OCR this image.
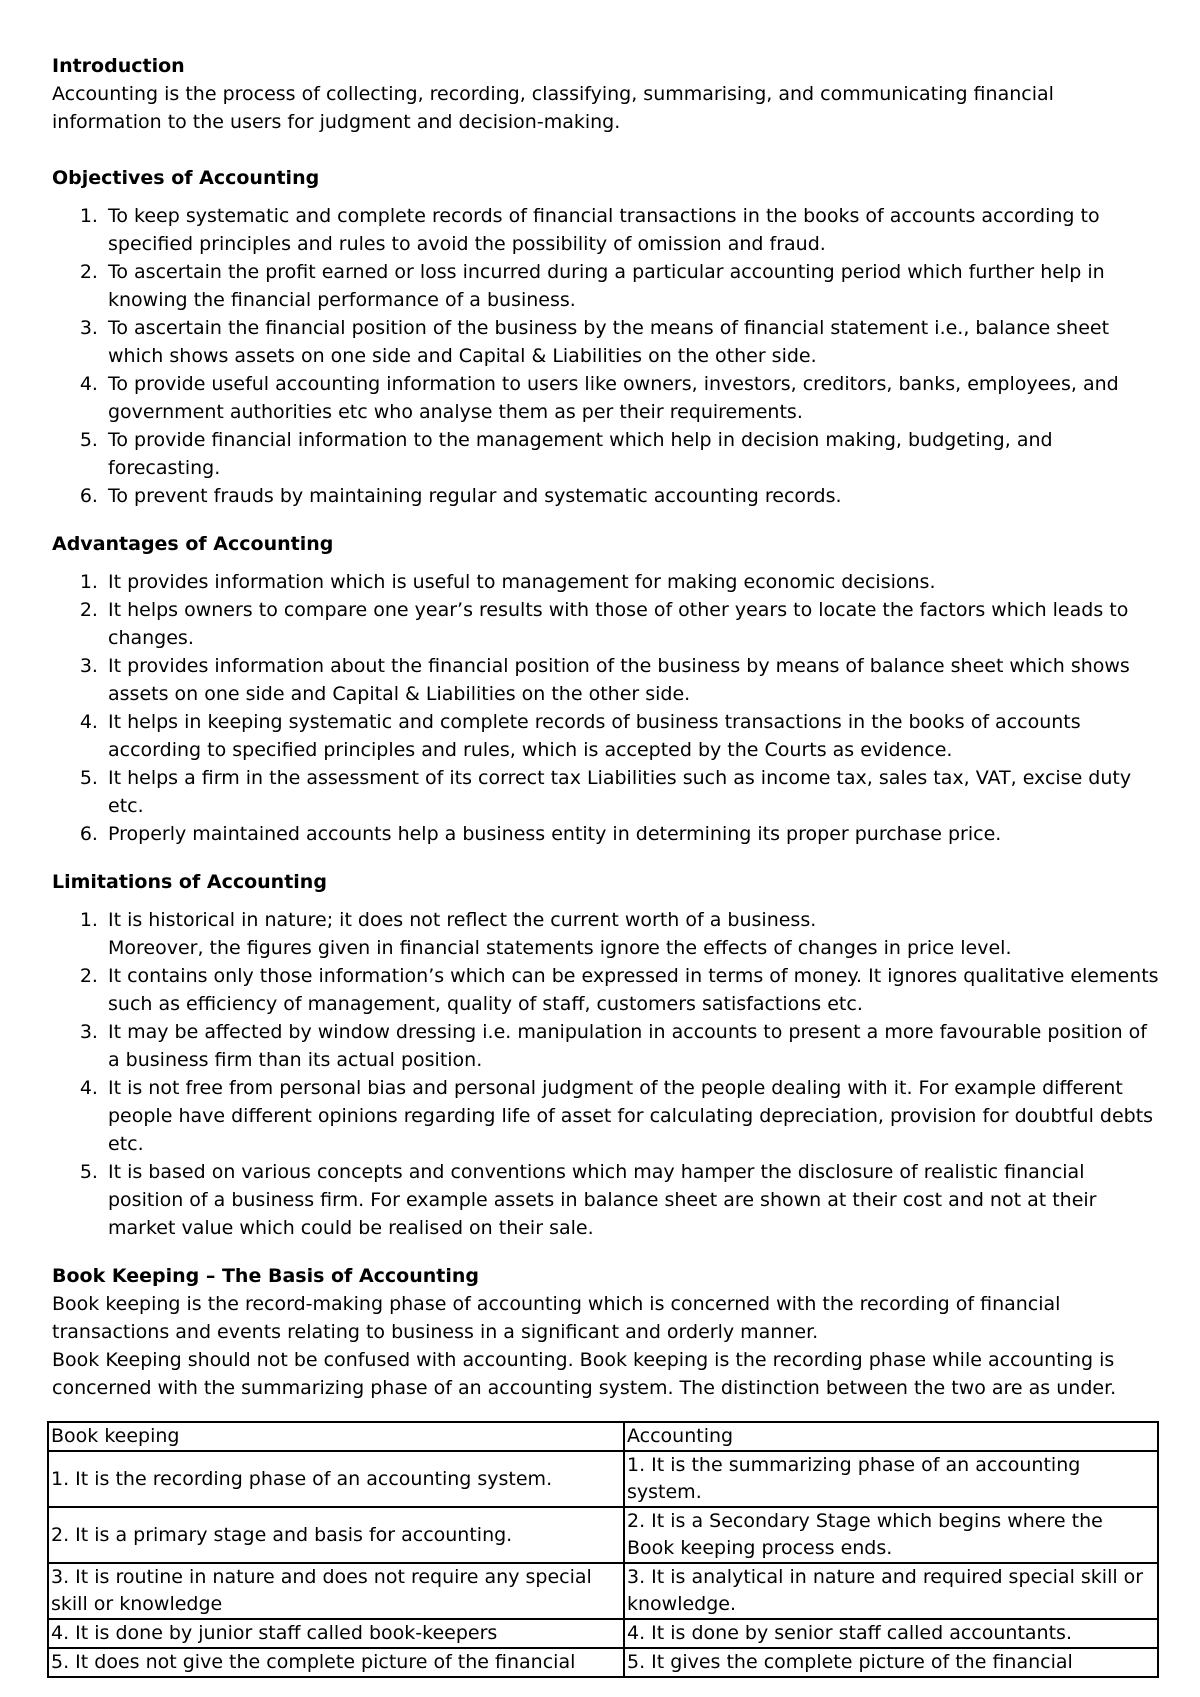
Introduction

Accounting is the process of collecting, recording, classifying, summarising, and communicating financial information to the users for judgment and decision-making.

Objectives of Accounting
1. To keep systematic and complete records of financial transactions in the books of accounts according to specified principles and rules to avoid the possibility of omission and fraud.
2. To ascertain the profit earned or loss incurred during a particular accounting period which further help in knowing the financial performance of a business.
3. To ascertain the financial position of the business by the means of financial statement i.e., balance sheet which shows assets on one side and Capital & Liabilities on the other side.
4. To provide useful accounting information to users like owners, investors, creditors, banks, employees, and government authorities etc who analyse them as per their requirements.
5. To provide financial information to the management which help in decision making, budgeting, and forecasting.
6. To prevent frauds by maintaining regular and systematic accounting records.
Advantages of Accounting
1. It provides information which is useful to management for making economic decisions.
2. It helps owners to compare one year’s results with those of other years to locate the factors which leads to changes.
3. It provides information about the financial position of the business by means of balance sheet which shows assets on one side and Capital & Liabilities on the other side.
4. It helps in keeping systematic and complete records of business transactions in the books of accounts according to specified principles and rules, which is accepted by the Courts as evidence.
5. It helps a firm in the assessment of its correct tax Liabilities such as income tax, sales tax, VAT, excise duty etc.
6. Properly maintained accounts help a business entity in determining its proper purchase price.
Limitations of Accounting
1. It is historical in nature; it does not reflect the current worth of a business.
Moreover, the figures given in financial statements ignore the effects of changes in price level.
2. It contains only those information’s which can be expressed in terms of money. It ignores qualitative elements such as efficiency of management, quality of staff, customers satisfactions etc.
3. It may be affected by window dressing i.e. manipulation in accounts to present a more favourable position of a business firm than its actual position.
4. It is not free from personal bias and personal judgment of the people dealing with it. For example different people have different opinions regarding life of asset for calculating depreciation, provision for doubtful debts etc.
5. It is based on various concepts and conventions which may hamper the disclosure of realistic financial position of a business firm. For example assets in balance sheet are shown at their cost and not at their market value which could be realised on their sale.
Book Keeping – The Basis of Accounting

Book keeping is the record-making phase of accounting which is concerned with the recording of financial transactions and events relating to business in a significant and orderly manner.

Book Keeping should not be confused with accounting. Book keeping is the recording phase while accounting is concerned with the summarizing phase of an accounting system. The distinction between the two are as under.

Book keeping	Accounting
1. It is the recording phase of an accounting system.	1. It is the summarizing phase of an accounting system.
2. It is a primary stage and basis for accounting.	2. It is a Secondary Stage which begins where the Book keeping process ends.
3. It is routine in nature and does not require any special skill or knowledge	3. It is analytical in nature and required special skill or knowledge.
4. It is done by junior staff called book-keepers	4. It is done by senior staff called accountants.
5. It does not give the complete picture of the financial	5. It gives the complete picture of the financial
